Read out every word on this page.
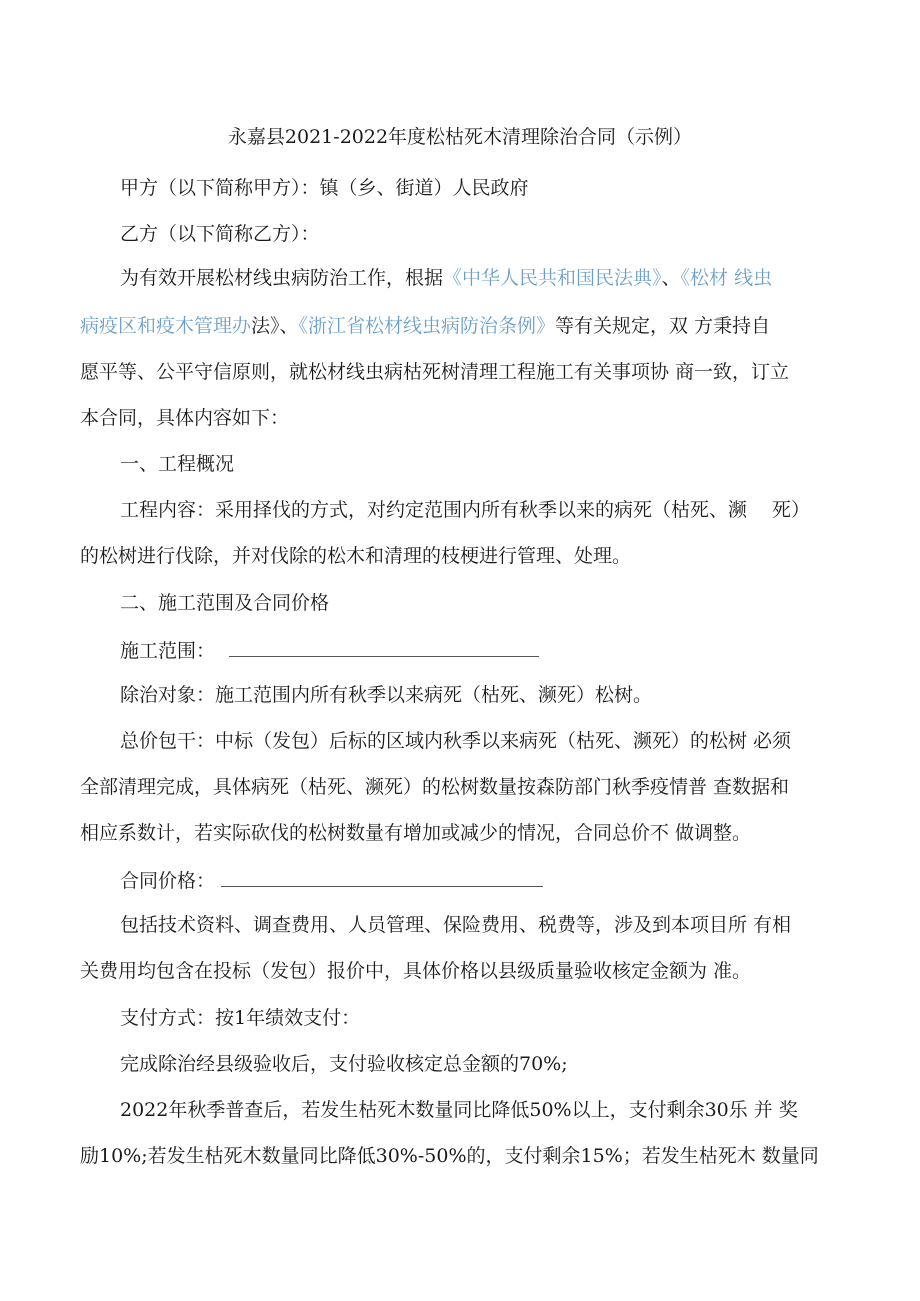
永嘉县2021-2022年度松枯死木清理除治合同（示例）
甲方（以下简称甲方）：镇（乡、街道）人民政府
乙方（以下简称乙方）：
为有效开展松材线虫病防治工作，根据《中华人民共和国民法典》、《松材 线虫
病疫区和疫木管理办法》、《浙江省松材线虫病防治条例》等有关规定，双 方秉持自
愿平等、公平守信原则，就松材线虫病枯死树清理工程施工有关事项协 商一致，订立
本合同，具体内容如下：
一、工程概况
工程内容：采用择伐的方式，对约定范围内所有秋季以来的病死（枯死、濒　 死）
的松树进行伐除，并对伐除的松木和清理的枝梗进行管理、处理。
二、施工范围及合同价格
施工范围：
除治对象：施工范围内所有秋季以来病死（枯死、濒死）松树。
总价包干：中标（发包）后标的区域内秋季以来病死（枯死、濒死）的松树 必须
全部清理完成，具体病死（枯死、濒死）的松树数量按森防部门秋季疫情普 查数据和
相应系数计，若实际砍伐的松树数量有增加或减少的情况，合同总价不 做调整。
合同价格：
包括技术资料、调查费用、人员管理、保险费用、税费等，涉及到本项目所 有相
关费用均包含在投标（发包）报价中，具体价格以县级质量验收核定金额为 准。
支付方式：按1年绩效支付：
完成除治经县级验收后，支付验收核定总金额的70%;
2022年秋季普查后，若发生枯死木数量同比降低50%以上，支付剩余30乐 并 奖
励10%;若发生枯死木数量同比降低30%-50%的，支付剩余15%；若发生枯死木 数量同
